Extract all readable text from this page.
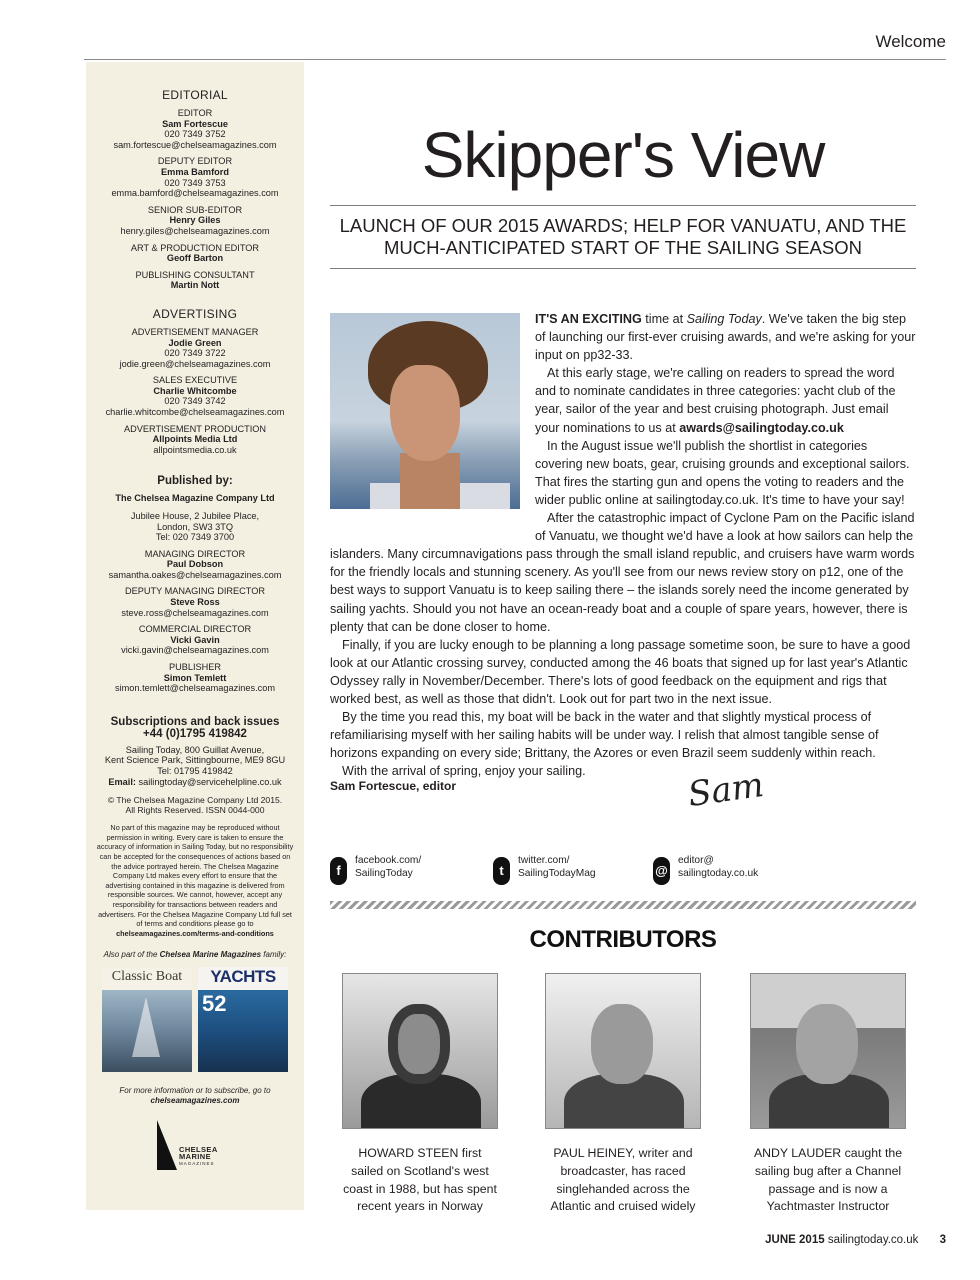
Welcome
EDITORIAL
EDITOR
Sam Fortescue
020 7349 3752
sam.fortescue@chelseamagazines.com
DEPUTY EDITOR
Emma Bamford
020 7349 3753
emma.bamford@chelseamagazines.com
SENIOR SUB-EDITOR
Henry Giles
henry.giles@chelseamagazines.com
ART & PRODUCTION EDITOR
Geoff Barton
PUBLISHING CONSULTANT
Martin Nott
ADVERTISING
ADVERTISEMENT MANAGER
Jodie Green
020 7349 3722
jodie.green@chelseamagazines.com
SALES EXECUTIVE
Charlie Whitcombe
020 7349 3742
charlie.whitcombe@chelseamagazines.com
ADVERTISEMENT PRODUCTION
Allpoints Media Ltd
allpointsmedia.co.uk
Published by:
The Chelsea Magazine Company Ltd
Jubilee House, 2 Jubilee Place,
London, SW3 3TQ
Tel: 020 7349 3700
MANAGING DIRECTOR
Paul Dobson
samantha.oakes@chelseamagazines.com
DEPUTY MANAGING DIRECTOR
Steve Ross
steve.ross@chelseamagazines.com
COMMERCIAL DIRECTOR
Vicki Gavin
vicki.gavin@chelseamagazines.com
PUBLISHER
Simon Temlett
simon.temlett@chelseamagazines.com
Subscriptions and back issues
+44 (0)1795 419842
Sailing Today, 800 Guillat Avenue,
Kent Science Park, Sittingbourne, ME9 8GU
Tel: 01795 419842
Email: sailingtoday@servicehelpline.co.uk
© The Chelsea Magazine Company Ltd 2015.
All Rights Reserved. ISSN 0044-000
No part of this magazine may be reproduced without permission in writing. Every care is taken to ensure the accuracy of information in Sailing Today, but no responsibility can be accepted for the consequences of actions based on the advice portrayed herein. The Chelsea Magazine Company Ltd makes every effort to ensure that the advertising contained in this magazine is delivered from responsible sources. We cannot, however, accept any responsibility for transactions between readers and advertisers. For the Chelsea Magazine Company Ltd full set of terms and conditions please go to chelseamagazines.com/terms-and-conditions
Also part of the Chelsea Marine Magazines family:
Classic Boat	YACHTS
52
For more information or to subscribe, go to
chelseamagazines.com
CHELSEA
MARINE
MAGAZINES
Skipper's View
LAUNCH OF OUR 2015 AWARDS; HELP FOR VANUATU, AND THE MUCH-ANTICIPATED START OF THE SAILING SEASON

IT'S AN EXCITING time at Sailing Today. We've taken the big step of launching our first-ever cruising awards, and we're asking for your input on pp32-33.

At this early stage, we're calling on readers to spread the word and to nominate candidates in three categories: yacht club of the year, sailor of the year and best cruising photograph. Just email your nominations to us at awards@sailingtoday.co.uk

In the August issue we'll publish the shortlist in categories covering new boats, gear, cruising grounds and exceptional sailors. That fires the starting gun and opens the voting to readers and the wider public online at sailingtoday.co.uk. It's time to have your say!

After the catastrophic impact of Cyclone Pam on the Pacific island of Vanuatu, we thought we'd have a look at how sailors can help the islanders. Many circumnavigations pass through the small island republic, and cruisers have warm words for the friendly locals and stunning scenery. As you'll see from our news review story on p12, one of the best ways to support Vanuatu is to keep sailing there – the islands sorely need the income generated by sailing yachts. Should you not have an ocean-ready boat and a couple of spare years, however, there is plenty that can be done closer to home.

Finally, if you are lucky enough to be planning a long passage sometime soon, be sure to have a good look at our Atlantic crossing survey, conducted among the 46 boats that signed up for last year's Atlantic Odyssey rally in November/December. There's lots of good feedback on the equipment and rigs that worked best, as well as those that didn't. Look out for part two in the next issue.

By the time you read this, my boat will be back in the water and that slightly mystical process of refamiliarising myself with her sailing habits will be under way. I relish that almost tangible sense of horizons expanding on every side; Brittany, the Azores or even Brazil seem suddenly within reach.

With the arrival of spring, enjoy your sailing.

Sam Fortescue, editor	Sam
f
facebook.com/
SailingToday	t
twitter.com/
SailingTodayMag	@
editor@
sailingtoday.co.uk
CONTRIBUTORS
HOWARD STEEN first sailed on Scotland's west coast in 1988, but has spent recent years in Norway
PAUL HEINEY, writer and broadcaster, has raced singlehanded across the Atlantic and cruised widely
ANDY LAUDER caught the sailing bug after a Channel passage and is now a Yachtmaster Instructor
JUNE 2015 sailingtoday.co.uk 3
